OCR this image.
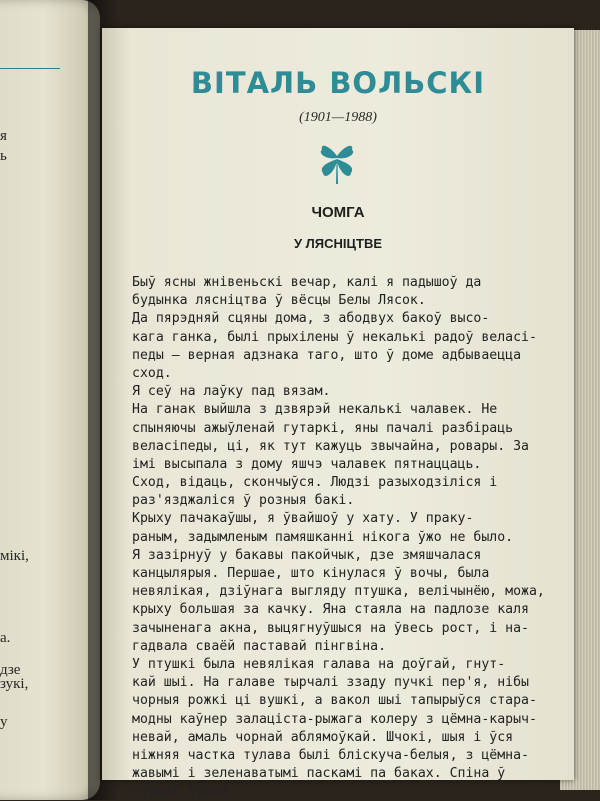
я
ь
мікі,
а.
дзе
зукі,
у
ВІТАЛЬ ВОЛЬСКІ
(1901—1988)
ЧОМГА
У ЛЯСНІЦТВЕ
Быў ясны жнівеньскі вечар, калі я падышоў да
будынка лясніцтва ў вёсцы Белы Лясок.
Да пярэдняй сцяны дома, з абодвух бакоў высо-
кага ганка, былі прыхілены ў некалькі радоў веласі-
педы — верная адзнака таго, што ў доме адбываецца
сход.
Я сеў на лаўку пад вязам.
На ганак выйшла з дзвярэй некалькі чалавек. Не
спыняючы ажыўленай гутаркі, яны пачалі разбіраць
веласіпеды, ці, як тут кажуць звычайна, ровары. За
імі высыпала з дому яшчэ чалавек пятнаццаць.
Сход, відаць, скончыўся. Людзі разыходзіліся і
раз'язджаліся ў розныя бакі.
Крыху пачакаўшы, я ўвайшоў у хату. У праку-
раным, задымленым памяшканні нікога ўжо не было.
Я зазірнуў у бакавы пакойчык, дзе змяшчалася
канцылярыя. Першае, што кінулася ў вочы, была
невялікая, дзіўнага выгляду птушка, велічынёю, можа,
крыху большая за качку. Яна стаяла на падлозе каля
зачыненага акна, выцягнуўшыся на ўвесь рост, і на-
гадвала сваёй паставай пінгвіна.
У птушкі была невялікая галава на доўгай, гнут-
кай шыі. На галаве тырчалі ззаду пучкі пер'я, нібы
чорныя рожкі ці вушкі, а вакол шыі тапырыўся стара-
модны каўнер залаціста-рыжага колеру з цёмна-карыч-
невай, амаль чорнай аблямоўкай. Шчокі, шыя і ўся
ніжняя частка тулава былі бліскуча-белыя, з цёмна-
жавымі і зеленаватымі паскамі па баках. Спіна ў
птушкі бурая.
